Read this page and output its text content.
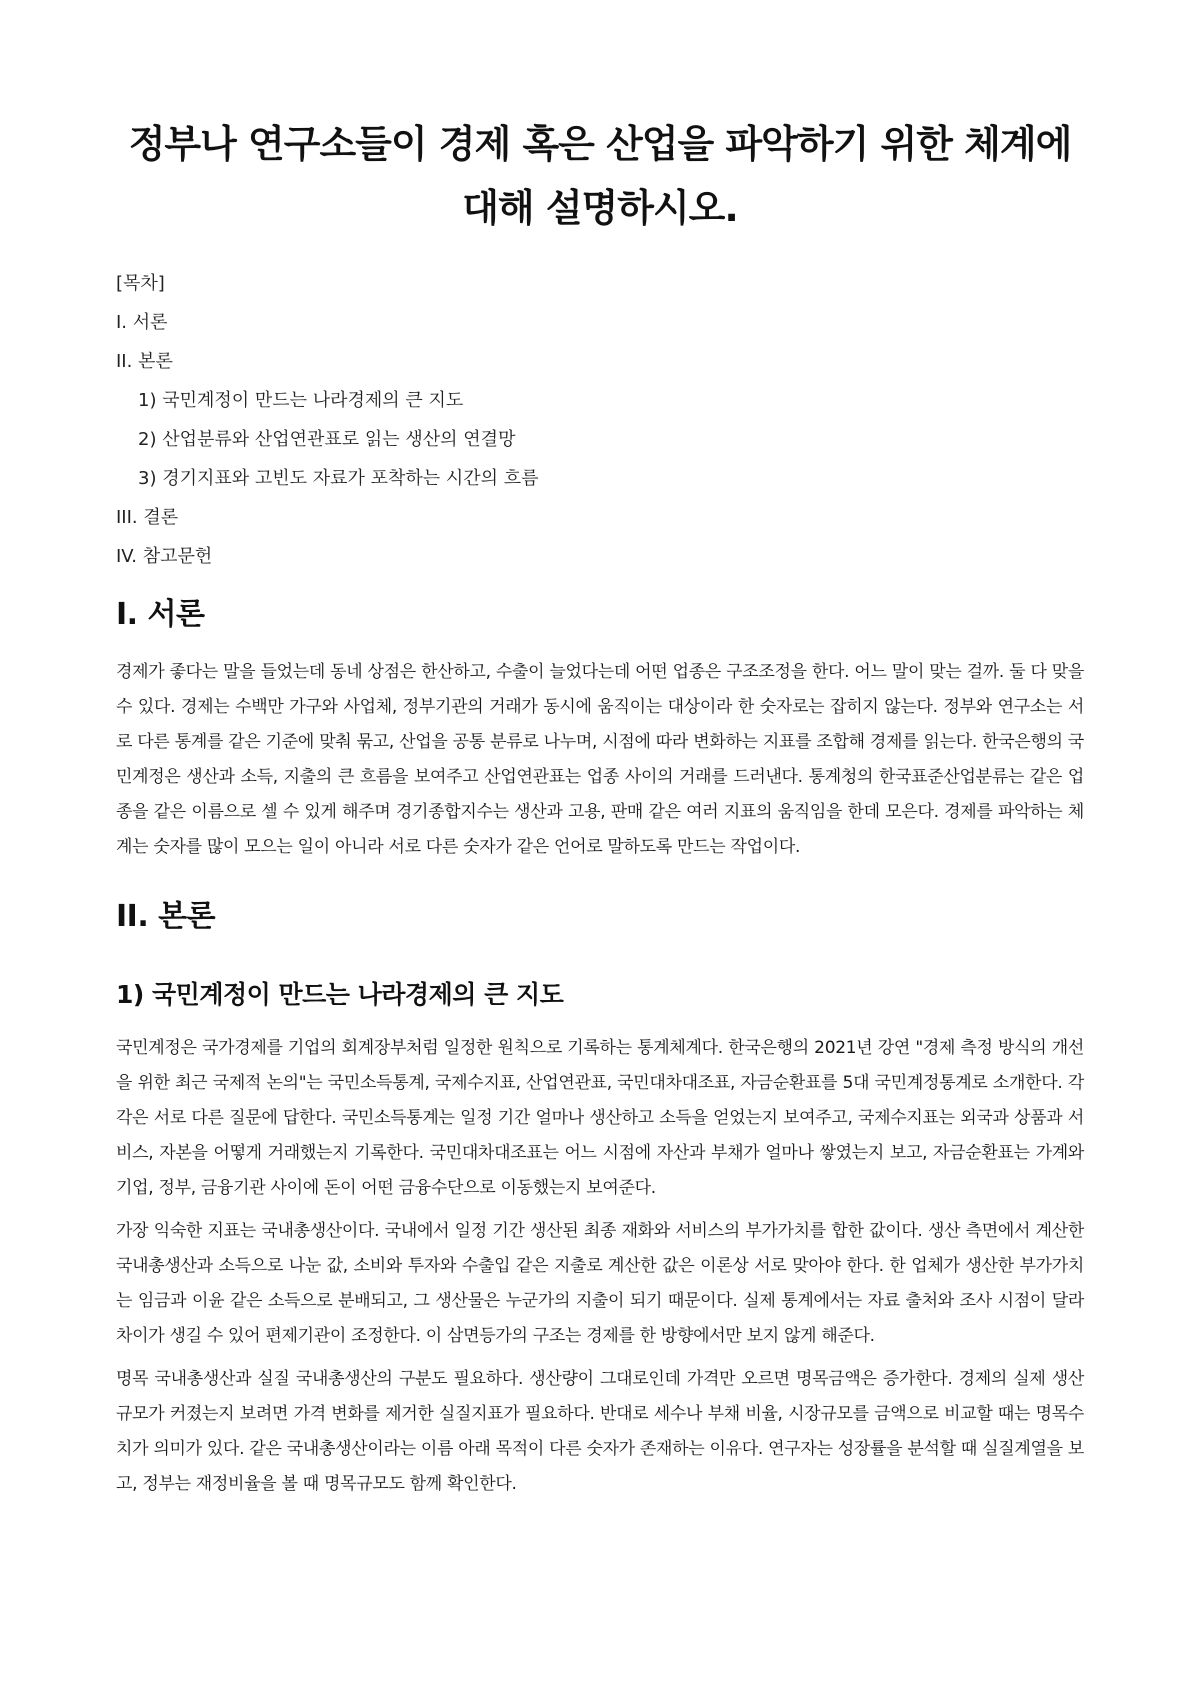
정부나 연구소들이 경제 혹은 산업을 파악하기 위한 체계에 대해 설명하시오.
[목차]
I. 서론
II. 본론
1) 국민계정이 만드는 나라경제의 큰 지도
2) 산업분류와 산업연관표로 읽는 생산의 연결망
3) 경기지표와 고빈도 자료가 포착하는 시간의 흐름
III. 결론
IV. 참고문헌
I. 서론

경제가 좋다는 말을 들었는데 동네 상점은 한산하고, 수출이 늘었다는데 어떤 업종은 구조조정을 한다. 어느 말이 맞는 걸까. 둘 다 맞을 수 있다. 경제는 수백만 가구와 사업체, 정부기관의 거래가 동시에 움직이는 대상이라 한 숫자로는 잡히지 않는다. 정부와 연구소는 서로 다른 통계를 같은 기준에 맞춰 묶고, 산업을 공통 분류로 나누며, 시점에 따라 변화하는 지표를 조합해 경제를 읽는다. 한국은행의 국민계정은 생산과 소득, 지출의 큰 흐름을 보여주고 산업연관표는 업종 사이의 거래를 드러낸다. 통계청의 한국표준산업분류는 같은 업종을 같은 이름으로 셀 수 있게 해주며 경기종합지수는 생산과 고용, 판매 같은 여러 지표의 움직임을 한데 모은다. 경제를 파악하는 체계는 숫자를 많이 모으는 일이 아니라 서로 다른 숫자가 같은 언어로 말하도록 만드는 작업이다.

II. 본론
1) 국민계정이 만드는 나라경제의 큰 지도

국민계정은 국가경제를 기업의 회계장부처럼 일정한 원칙으로 기록하는 통계체계다. 한국은행의 2021년 강연 "경제 측정 방식의 개선을 위한 최근 국제적 논의"는 국민소득통계, 국제수지표, 산업연관표, 국민대차대조표, 자금순환표를 5대 국민계정통계로 소개한다. 각각은 서로 다른 질문에 답한다. 국민소득통계는 일정 기간 얼마나 생산하고 소득을 얻었는지 보여주고, 국제수지표는 외국과 상품과 서비스, 자본을 어떻게 거래했는지 기록한다. 국민대차대조표는 어느 시점에 자산과 부채가 얼마나 쌓였는지 보고, 자금순환표는 가계와 기업, 정부, 금융기관 사이에 돈이 어떤 금융수단으로 이동했는지 보여준다.

가장 익숙한 지표는 국내총생산이다. 국내에서 일정 기간 생산된 최종 재화와 서비스의 부가가치를 합한 값이다. 생산 측면에서 계산한 국내총생산과 소득으로 나눈 값, 소비와 투자와 수출입 같은 지출로 계산한 값은 이론상 서로 맞아야 한다. 한 업체가 생산한 부가가치는 임금과 이윤 같은 소득으로 분배되고, 그 생산물은 누군가의 지출이 되기 때문이다. 실제 통계에서는 자료 출처와 조사 시점이 달라 차이가 생길 수 있어 편제기관이 조정한다. 이 삼면등가의 구조는 경제를 한 방향에서만 보지 않게 해준다.

명목 국내총생산과 실질 국내총생산의 구분도 필요하다. 생산량이 그대로인데 가격만 오르면 명목금액은 증가한다. 경제의 실제 생산규모가 커졌는지 보려면 가격 변화를 제거한 실질지표가 필요하다. 반대로 세수나 부채 비율, 시장규모를 금액으로 비교할 때는 명목수치가 의미가 있다. 같은 국내총생산이라는 이름 아래 목적이 다른 숫자가 존재하는 이유다. 연구자는 성장률을 분석할 때 실질계열을 보고, 정부는 재정비율을 볼 때 명목규모도 함께 확인한다.
